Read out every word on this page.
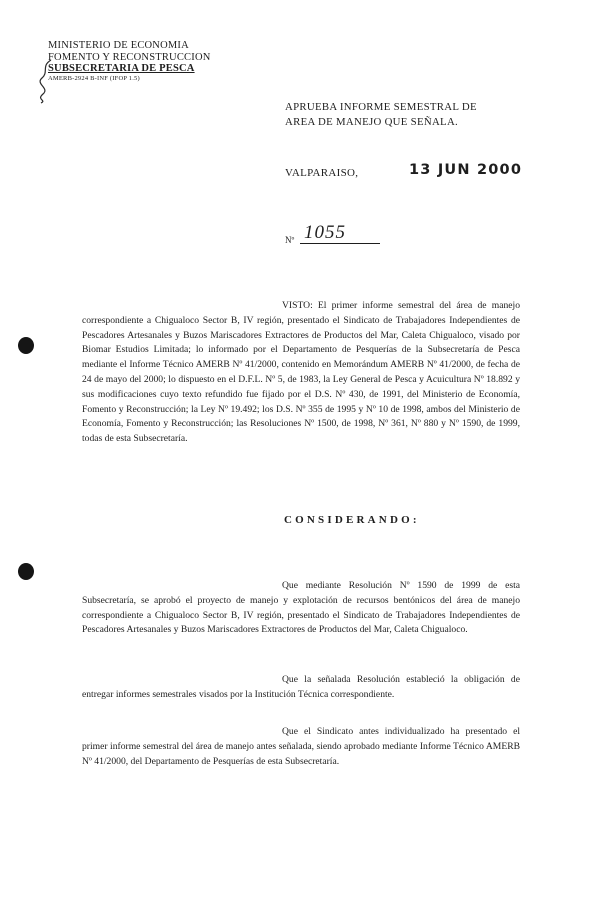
MINISTERIO DE ECONOMIA
FOMENTO Y RECONSTRUCCION
SUBSECRETARIA DE PESCA
AMERB-2924 B-INF (IFOP 1.5)
APRUEBA INFORME SEMESTRAL DE
AREA DE MANEJO QUE SEÑALA.
VALPARAISO,	13 JUN 2000
Nº 1055

VISTO: El primer informe semestral del área de manejo correspondiente a Chigualoco Sector B, IV región, presentado el Sindicato de Trabajadores Independientes de Pescadores Artesanales y Buzos Mariscadores Extractores de Productos del Mar, Caleta Chigualoco, visado por Biomar Estudios Limitada; lo informado por el Departamento de Pesquerías de la Subsecretaría de Pesca mediante el Informe Técnico AMERB Nº 41/2000, contenido en Memorándum AMERB Nº 41/2000, de fecha de 24 de mayo del 2000; lo dispuesto en el D.F.L. Nº 5, de 1983, la Ley General de Pesca y Acuicultura Nº 18.892 y sus modificaciones cuyo texto refundido fue fijado por el D.S. Nº 430, de 1991, del Ministerio de Economía, Fomento y Reconstrucción; la Ley Nº 19.492; los D.S. Nº 355 de 1995 y Nº 10 de 1998, ambos del Ministerio de Economía, Fomento y Reconstrucción; las Resoluciones Nº 1500, de 1998, Nº 361, Nº 880 y Nº 1590, de 1999, todas de esta Subsecretaría.

CONSIDERANDO:

Que mediante Resolución Nº 1590 de 1999 de esta Subsecretaría, se aprobó el proyecto de manejo y explotación de recursos bentónicos del área de manejo correspondiente a Chigualoco Sector B, IV región, presentado el Sindicato de Trabajadores Independientes de Pescadores Artesanales y Buzos Mariscadores Extractores de Productos del Mar, Caleta Chigualoco.

Que la señalada Resolución estableció la obligación de entregar informes semestrales visados por la Institución Técnica correspondiente.

Que el Sindicato antes individualizado ha presentado el primer informe semestral del área de manejo antes señalada, siendo aprobado mediante Informe Técnico AMERB Nº 41/2000, del Departamento de Pesquerías de esta Subsecretaría.
